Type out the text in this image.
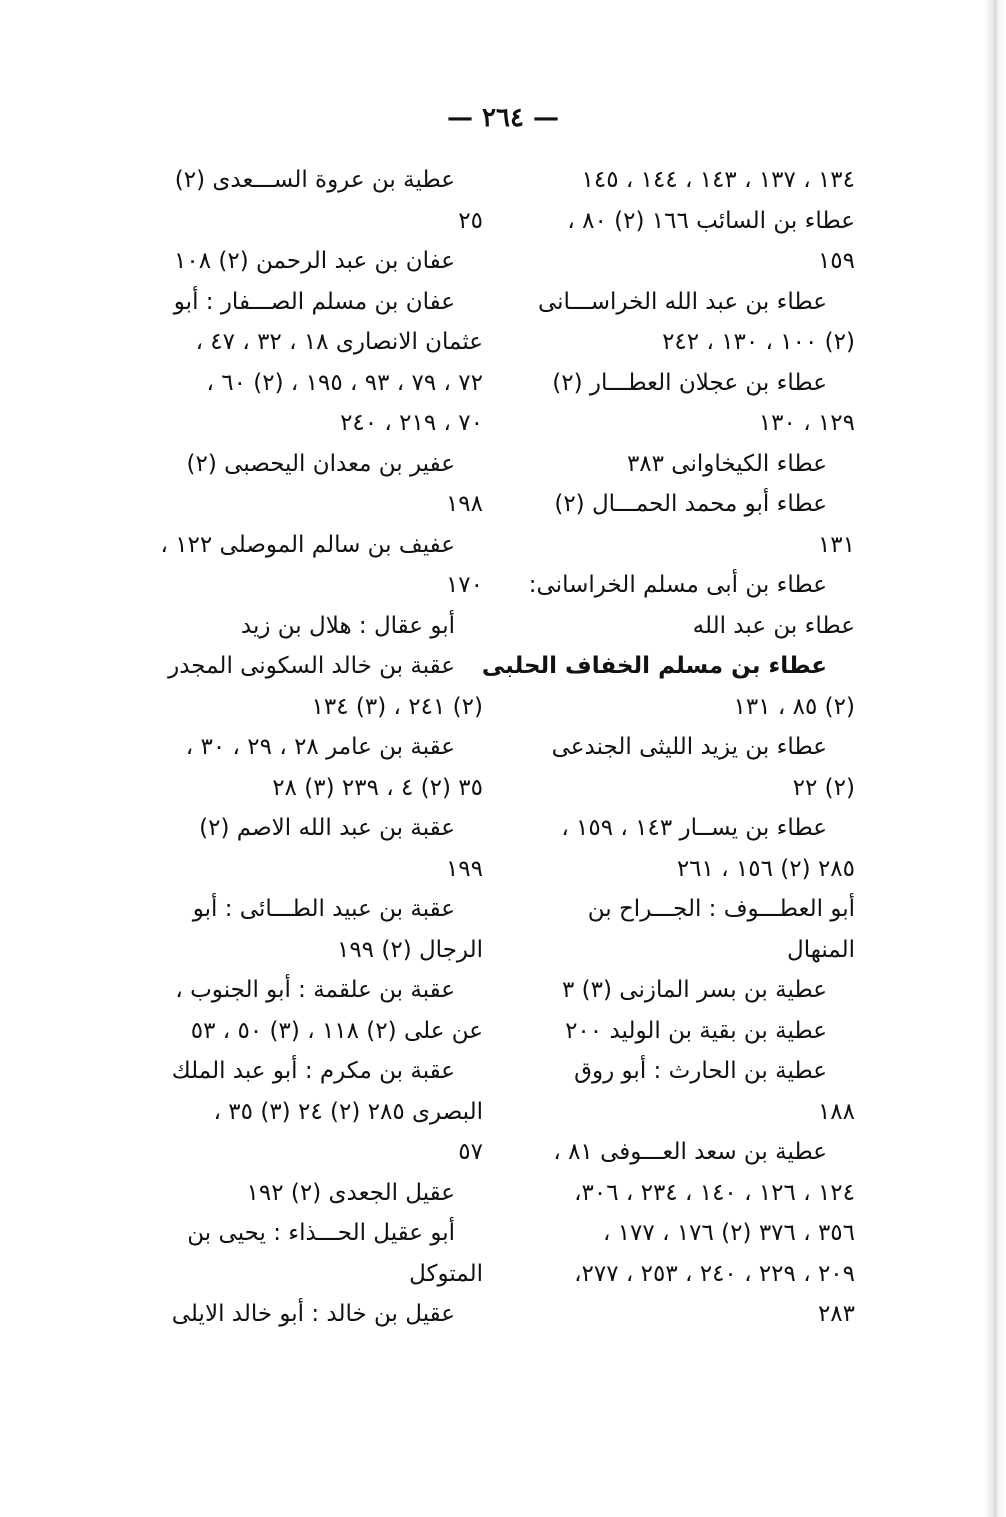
— ٢٦٤ —
١٣٤ ، ١٣٧ ، ١٤٣ ، ١٤٤ ، ١٤٥
عطاء بن السائب ١٦٦ (٢) ٨٠ ،
١٥٩
عطاء بن عبد الله الخراســـانى
(٢) ١٠٠ ، ١٣٠ ، ٢٤٢
عطاء بن عجلان العطـــار (٢)
١٢٩ ، ١٣٠
عطاء الكيخاوانى ٣٨٣
عطاء أبو محمد الحمـــال (٢)
١٣١
عطاء بن أبى مسلم الخراسانى:
عطاء بن عبد الله
عطاء بن مسلم الخفاف الحلبى
(٢) ٨٥ ، ١٣١
عطاء بن يزيد الليثى الجندعى
(٢) ٢٢
عطاء بن يســار ١٤٣ ، ١٥٩ ،
٢٨٥ (٢) ١٥٦ ، ٢٦١
أبو العطـــوف : الجـــراح بن
المنهال
عطية بن بسر المازنى (٣) ٣
عطية بن بقية بن الوليد ٢٠٠
عطية بن الحارث : أبو روق
١٨٨
عطية بن سعد العـــوفى ٨١ ،
١٢٤ ، ١٢٦ ، ١٤٠ ، ٢٣٤ ، ٣٠٦،
٣٥٦ ، ٣٧٦ (٢) ١٧٦ ، ١٧٧ ،
٢٠٩ ، ٢٢٩ ، ٢٤٠ ، ٢٥٣ ، ٢٧٧،
٢٨٣
عطية بن عروة الســـعدى (٢)
٢٥
عفان بن عبد الرحمن (٢) ١٠٨
عفان بن مسلم الصـــفار : أبو
عثمان الانصارى ١٨ ، ٣٢ ، ٤٧ ،
٧٢ ، ٧٩ ، ٩٣ ، ١٩٥ ، (٢) ٦٠ ،
٧٠ ، ٢١٩ ، ٢٤٠
عفير بن معدان اليحصبى (٢)
١٩٨
عفيف بن سالم الموصلى ١٢٢ ،
١٧٠
أبو عقال : هلال بن زيد
عقبة بن خالد السكونى المجدر
(٢) ٢٤١ ، (٣) ١٣٤
عقبة بن عامر ٢٨ ، ٢٩ ، ٣٠ ،
٣٥ (٢) ٤ ، ٢٣٩ (٣) ٢٨
عقبة بن عبد الله الاصم (٢)
١٩٩
عقبة بن عبيد الطـــائى : أبو
الرجال (٢) ١٩٩
عقبة بن علقمة : أبو الجنوب ،
عن على (٢) ١١٨ ، (٣) ٥٠ ، ٥٣
عقبة بن مكرم : أبو عبد الملك
البصرى ٢٨٥ (٢) ٢٤ (٣) ٣٥ ،
٥٧
عقيل الجعدى (٢) ١٩٢
أبو عقيل الحـــذاء : يحيى بن
المتوكل
عقيل بن خالد : أبو خالد الايلى
